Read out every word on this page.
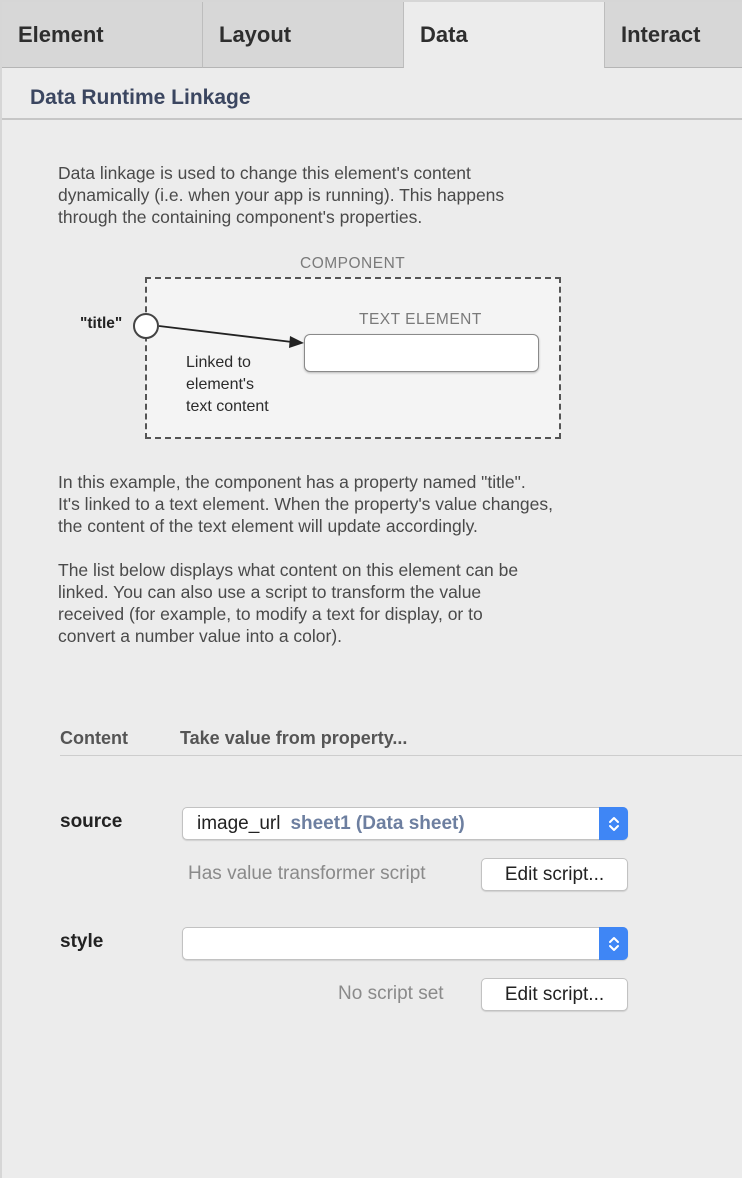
Element	Layout	Data	Interact
Data Runtime Linkage
Data linkage is used to change this element's content
dynamically (i.e. when your app is running). This happens
through the containing component's properties.
COMPONENT
TEXT ELEMENT
"title"
Linked to
element's
text content
In this example, the component has a property named "title".
It's linked to a text element. When the property's value changes,
the content of the text element will update accordingly.
The list below displays what content on this element can be
linked. You can also use a script to transform the value
received (for example, to modify a text for display, or to
convert a number value into a color).
Content	Take value from property...
source	image_url sheet1 (Data sheet)
Has value transformer script	Edit script...
style
No script set	Edit script...
